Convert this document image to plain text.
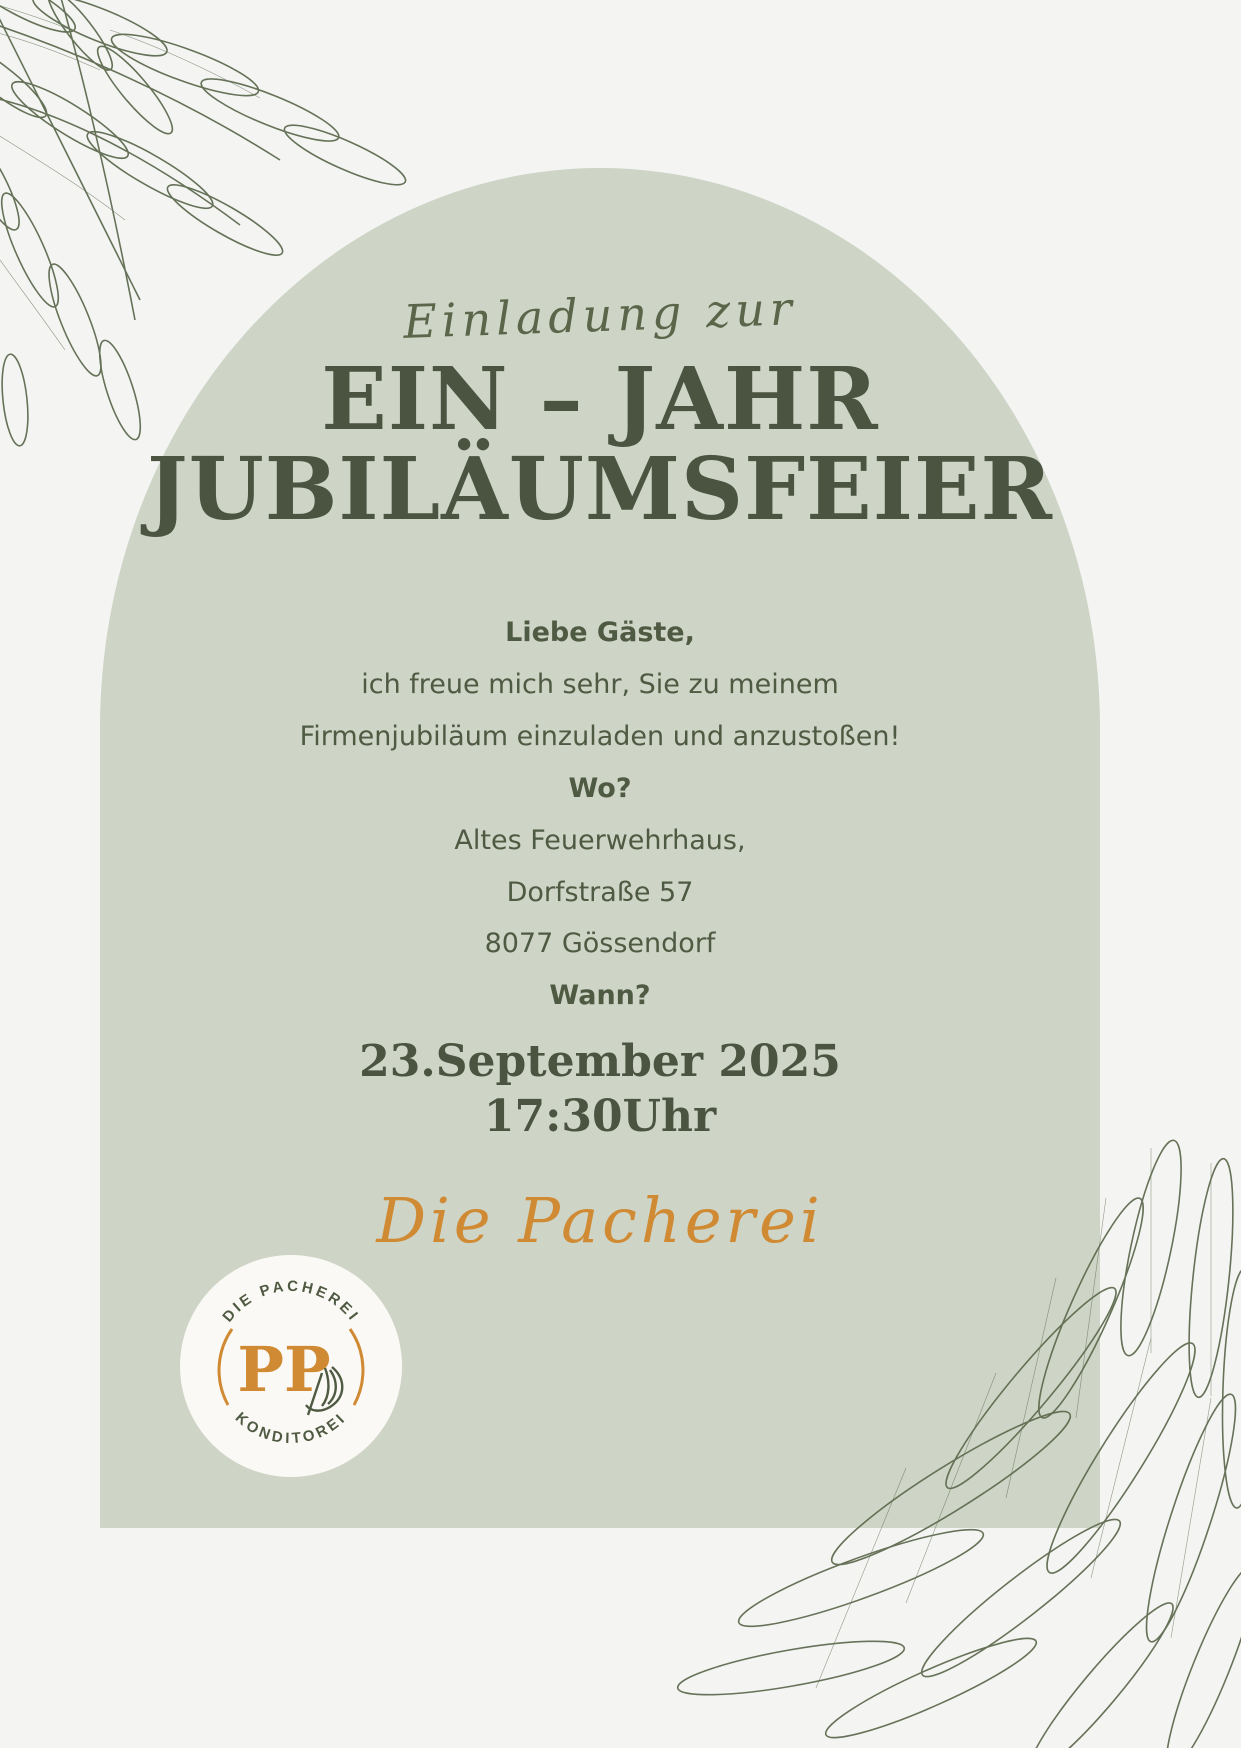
Einladung zur
EIN – JAHR
JUBILÄUMSFEIER
Liebe Gäste,
ich freue mich sehr, Sie zu meinem
Firmenjubiläum einzuladen und anzustoßen!
Wo?
Altes Feuerwehrhaus,
Dorfstraße 57
8077 Gössendorf
Wann?
23.September 2025
17:30Uhr
Die Pacherei
DIE PACHEREI
KONDITOREI
PP
